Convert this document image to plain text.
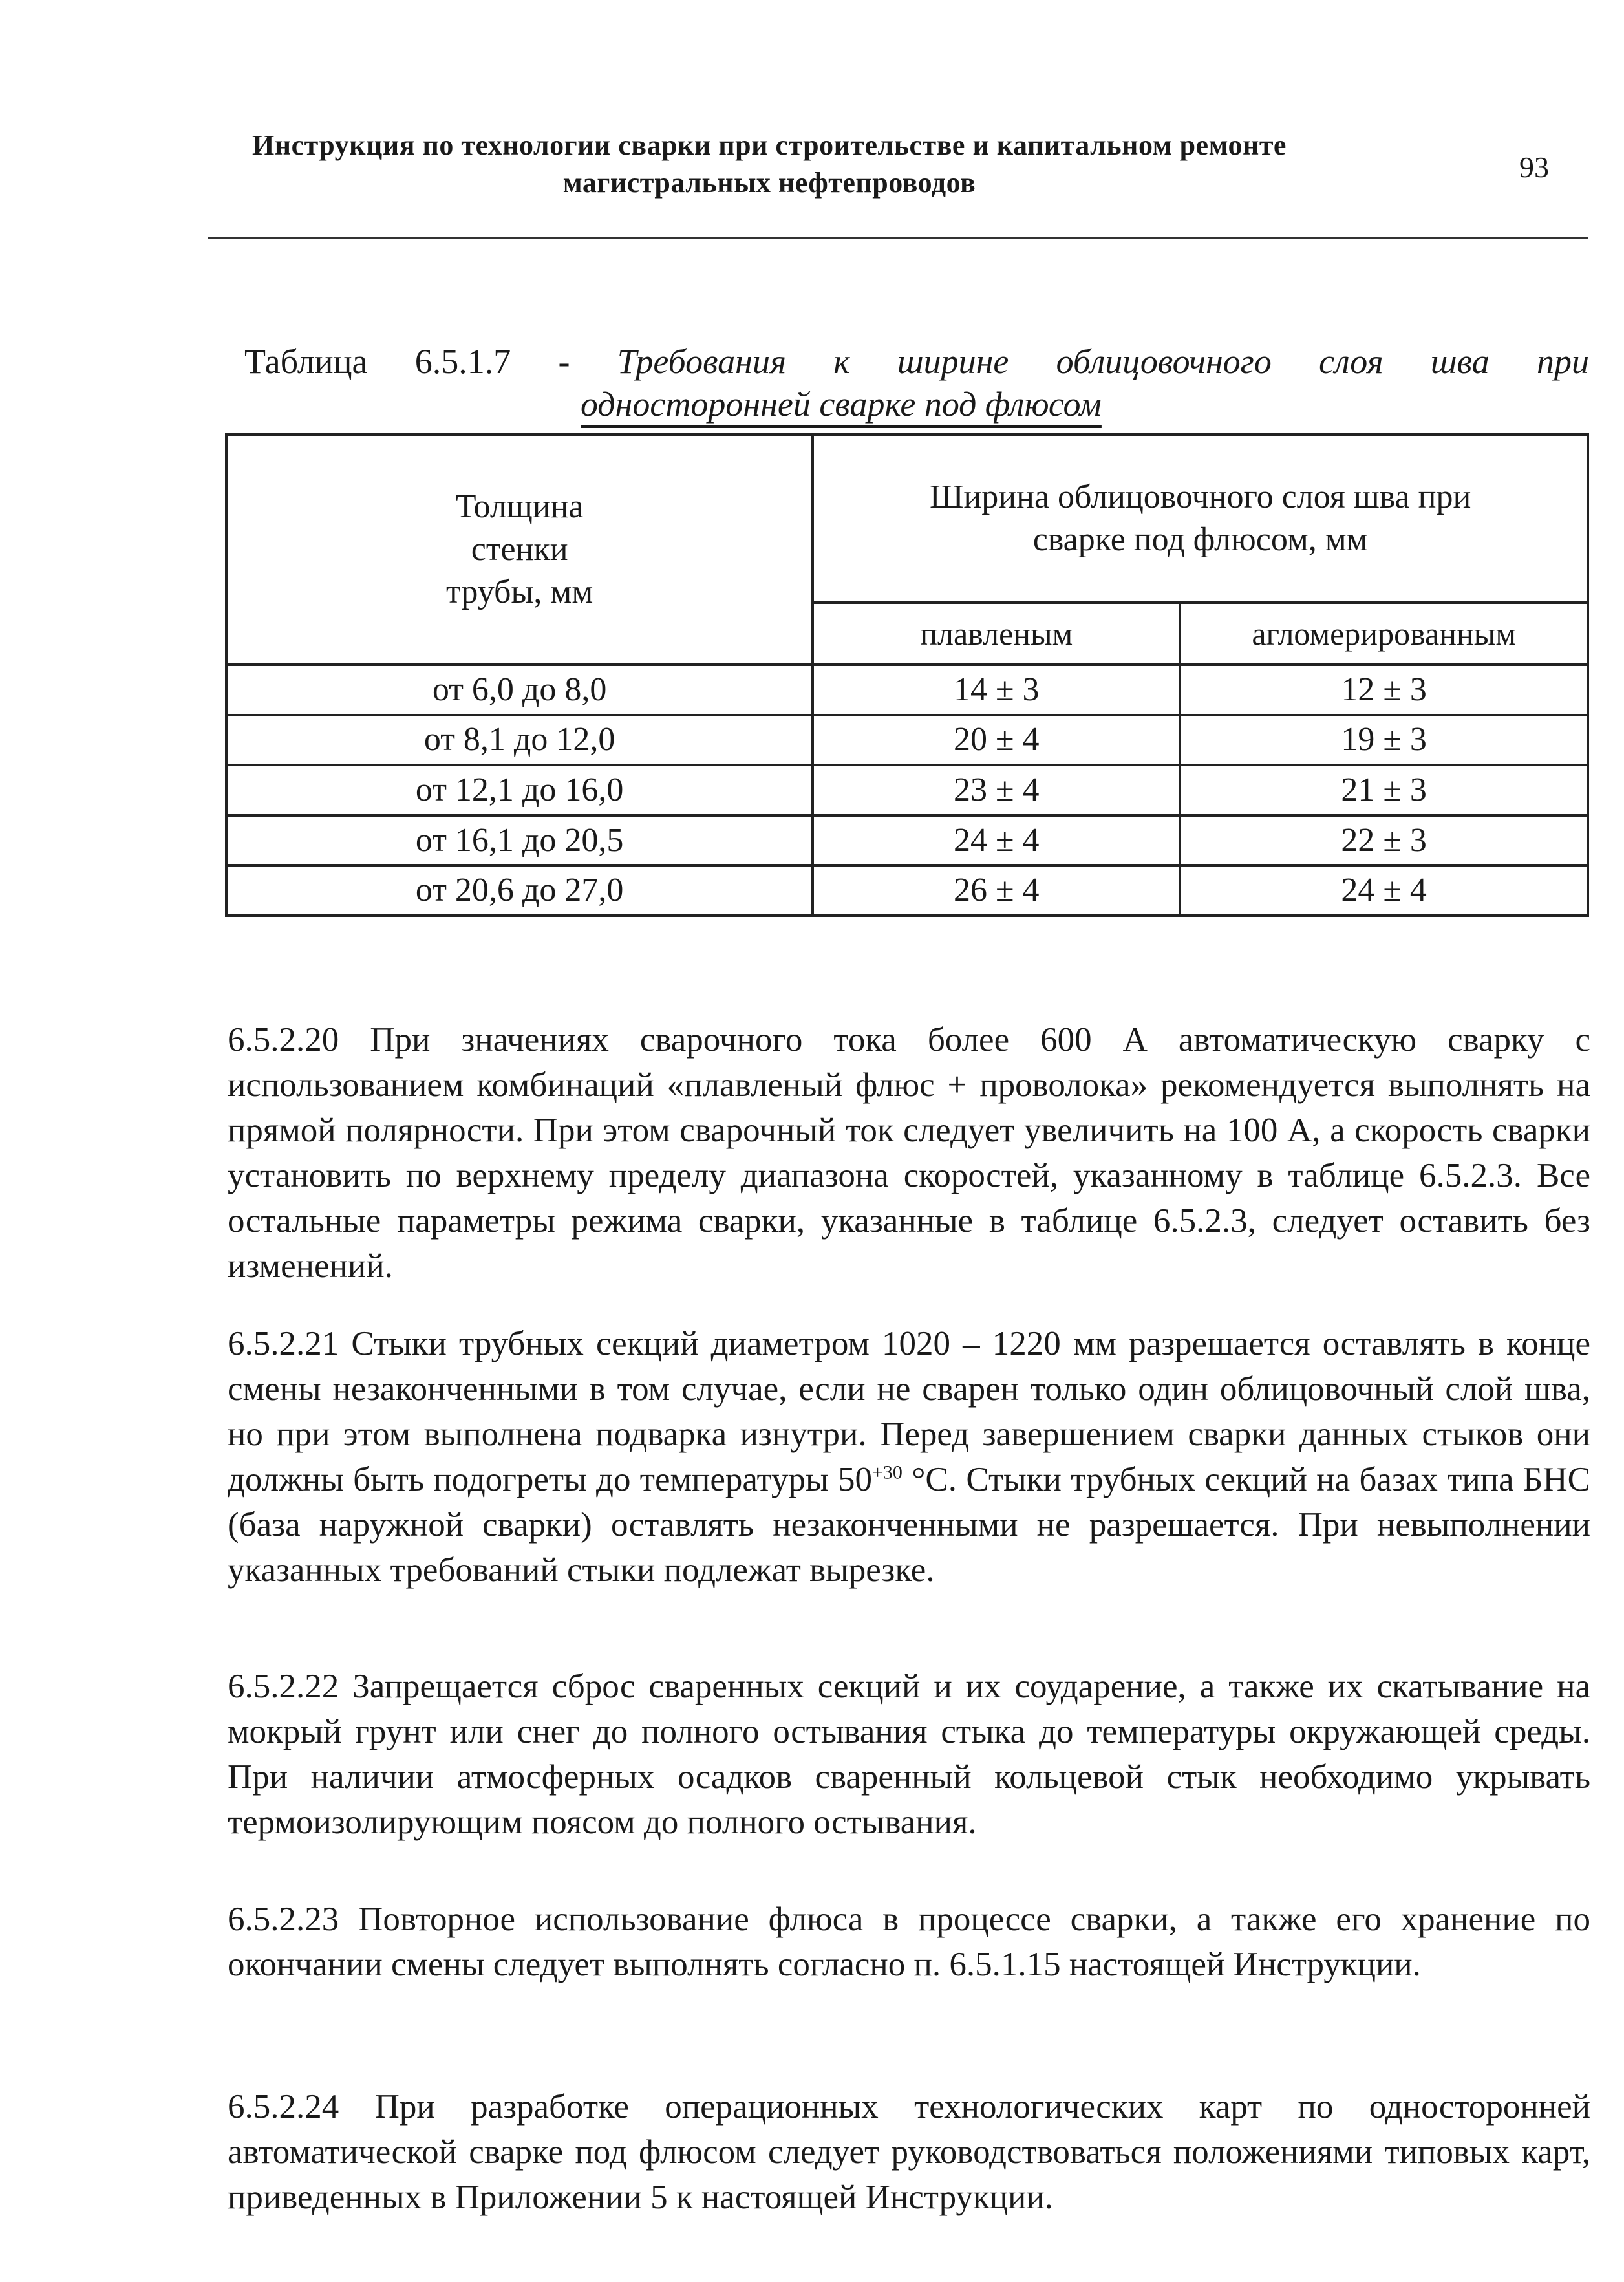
Инструкция по технологии сварки при строительстве и капитальном ремонте
магистральных нефтепроводов	93
Таблица 6.5.1.7 - Требования к ширине облицовочного слоя шва при
односторонней сварке под флюсом
Толщина стенки трубы, мм	Ширина облицовочного слоя шва при сварке под флюсом, мм	
	плавленым	агломерированным
от 6,0 до 8,0	14 ± 3	12 ± 3
от 8,1 до 12,0	20 ± 4	19 ± 3
от 12,1 до 16,0	23 ± 4	21 ± 3
от 16,1 до 20,5	24 ± 4	22 ± 3
от 20,6 до 27,0	26 ± 4	24 ± 4

6.5.2.20 При значениях сварочного тока более 600 А автоматическую сварку с использованием комбинаций «плавленый флюс + проволока» рекомендуется выполнять на прямой полярности. При этом сварочный ток следует увеличить на 100 А, а скорость сварки установить по верхнему пределу диапазона скоростей, указанному в таблице 6.5.2.3. Все остальные параметры режима сварки, указанные в таблице 6.5.2.3, следует оставить без изменений.

6.5.2.21 Стыки трубных секций диаметром 1020 – 1220 мм разрешается оставлять в конце смены незаконченными в том случае, если не сварен только один облицовочный слой шва, но при этом выполнена подварка изнутри. Перед завершением сварки данных стыков они должны быть подогреты до температуры $50^{+30}$ °С. Стыки трубных секций на базах типа БНС (база наружной сварки) оставлять незаконченными не разрешается. При невыполнении указанных требований стыки подлежат вырезке.

6.5.2.22 Запрещается сброс сваренных секций и их соударение, а также их скатывание на мокрый грунт или снег до полного остывания стыка до температуры окружающей среды. При наличии атмосферных осадков сваренный кольцевой стык необходимо укрывать термоизолирующим поясом до полного остывания.

6.5.2.23 Повторное использование флюса в процессе сварки, а также его хранение по окончании смены следует выполнять согласно п. 6.5.1.15 настоящей Инструкции.

6.5.2.24 При разработке операционных технологических карт по односторонней автоматической сварке под флюсом следует руководствоваться положениями типовых карт, приведенных в Приложении 5 к настоящей Инструкции.
